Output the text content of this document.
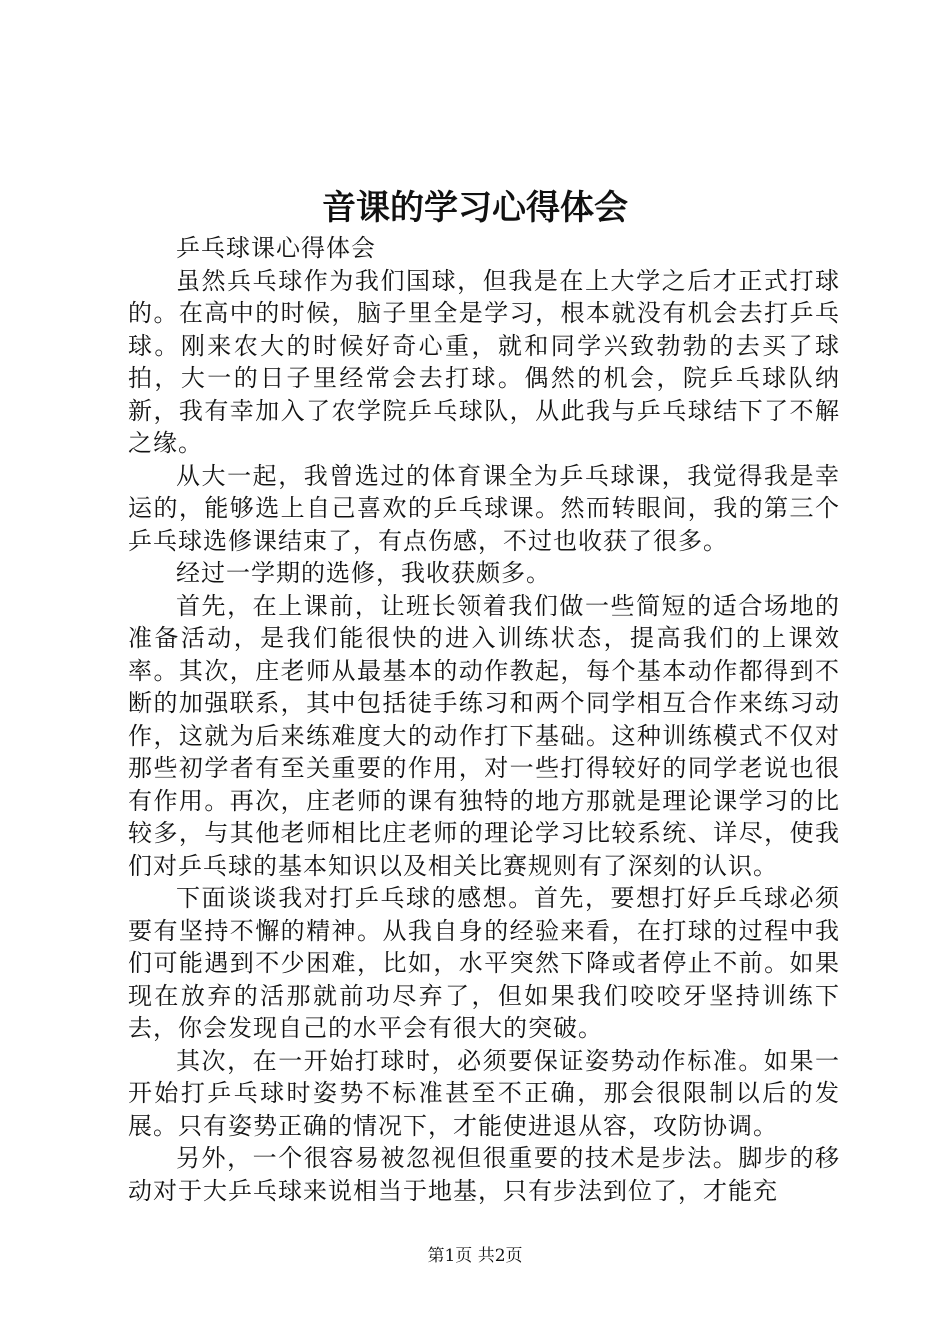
音课的学习心得体会

乒乓球课心得体会

虽然兵乓球作为我们国球，但我是在上大学之后才正式打球的。在高中的时候，脑子里全是学习，根本就没有机会去打乒乓球。刚来农大的时候好奇心重，就和同学兴致勃勃的去买了球拍，大一的日子里经常会去打球。偶然的机会，院乒乓球队纳新，我有幸加入了农学院乒乓球队，从此我与乒乓球结下了不解之缘。

从大一起，我曾选过的体育课全为乒乓球课，我觉得我是幸运的，能够选上自己喜欢的乒乓球课。然而转眼间，我的第三个乒乓球选修课结束了，有点伤感，不过也收获了很多。

经过一学期的选修，我收获颇多。

首先，在上课前，让班长领着我们做一些简短的适合场地的准备活动，是我们能很快的进入训练状态，提高我们的上课效率。其次，庄老师从最基本的动作教起，每个基本动作都得到不断的加强联系，其中包括徒手练习和两个同学相互合作来练习动作，这就为后来练难度大的动作打下基础。这种训练模式不仅对那些初学者有至关重要的作用，对一些打得较好的同学老说也很有作用。再次，庄老师的课有独特的地方那就是理论课学习的比较多，与其他老师相比庄老师的理论学习比较系统、详尽，使我们对乒乓球的基本知识以及相关比赛规则有了深刻的认识。

下面谈谈我对打乒乓球的感想。首先，要想打好乒乓球必须要有坚持不懈的精神。从我自身的经验来看，在打球的过程中我们可能遇到不少困难，比如，水平突然下降或者停止不前。如果现在放弃的活那就前功尽弃了，但如果我们咬咬牙坚持训练下去，你会发现自己的水平会有很大的突破。

其次，在一开始打球时，必须要保证姿势动作标准。如果一开始打乒乓球时姿势不标准甚至不正确，那会很限制以后的发展。只有姿势正确的情况下，才能使进退从容，攻防协调。

另外，一个很容易被忽视但很重要的技术是步法。脚步的移动对于大乒乓球来说相当于地基，只有步法到位了，才能充

第1页 共2页
